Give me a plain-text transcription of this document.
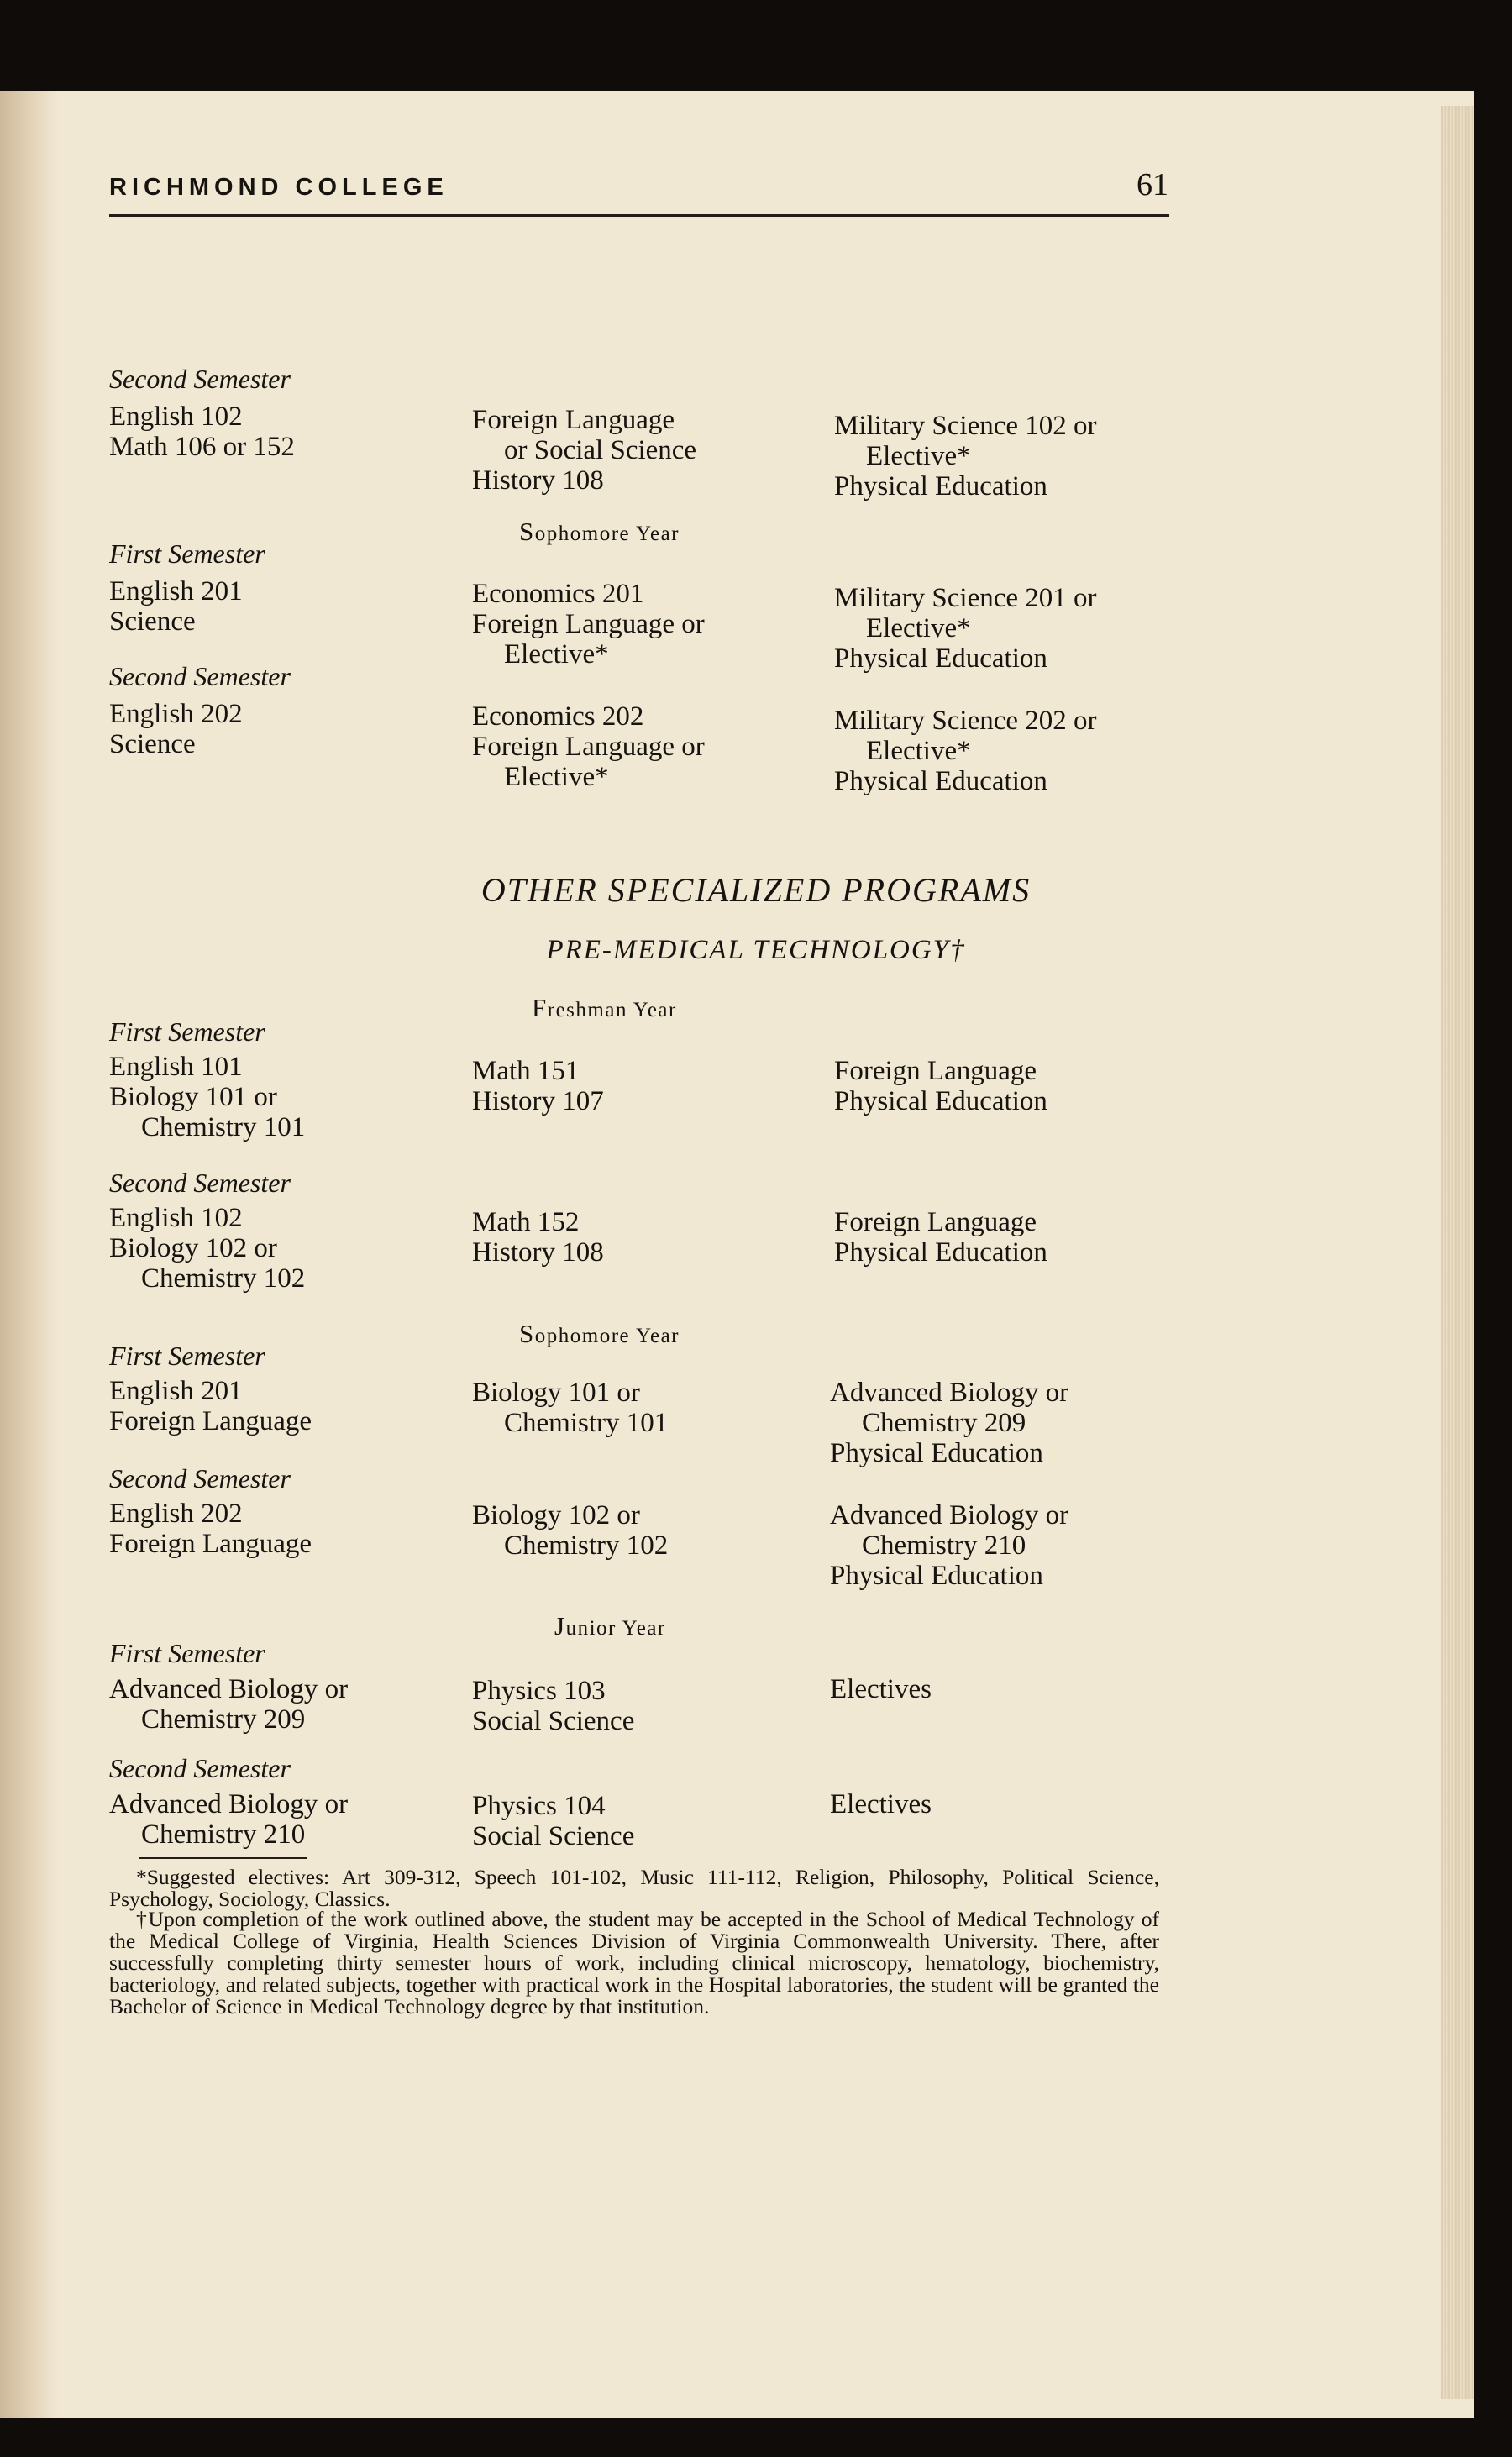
RICHMOND COLLEGE	61
Second Semester
English 102
Math 106 or 152
Foreign Language
or Social Science
History 108
Military Science 102 or
Elective*
Physical Education
Sophomore Year
First Semester
English 201
Science
Economics 201
Foreign Language or
Elective*
Military Science 201 or
Elective*
Physical Education
Second Semester
English 202
Science
Economics 202
Foreign Language or
Elective*
Military Science 202 or
Elective*
Physical Education
OTHER SPECIALIZED PROGRAMS
PRE-MEDICAL TECHNOLOGY†
Freshman Year
First Semester
English 101
Biology 101 or
Chemistry 101
Math 151
History 107
Foreign Language
Physical Education
Second Semester
English 102
Biology 102 or
Chemistry 102
Math 152
History 108
Foreign Language
Physical Education
Sophomore Year
First Semester
English 201
Foreign Language
Biology 101 or
Chemistry 101
Advanced Biology or
Chemistry 209
Physical Education
Second Semester
English 202
Foreign Language
Biology 102 or
Chemistry 102
Advanced Biology or
Chemistry 210
Physical Education
Junior Year
First Semester
Advanced Biology or
Chemistry 209
Physics 103
Social Science
Electives
Second Semester
Advanced Biology or
Chemistry 210
Physics 104
Social Science
Electives
*Suggested electives: Art 309-312, Speech 101-102, Music 111-112, Religion, Philosophy, Political Science, Psychology, Sociology, Classics.
†Upon completion of the work outlined above, the student may be accepted in the School of Medical Technology of the Medical College of Virginia, Health Sciences Division of Virginia Commonwealth University. There, after successfully completing thirty semester hours of work, including clinical microscopy, hematology, biochemistry, bacteriology, and related subjects, together with practical work in the Hospital laboratories, the student will be granted the Bachelor of Science in Medical Technology degree by that institution.
